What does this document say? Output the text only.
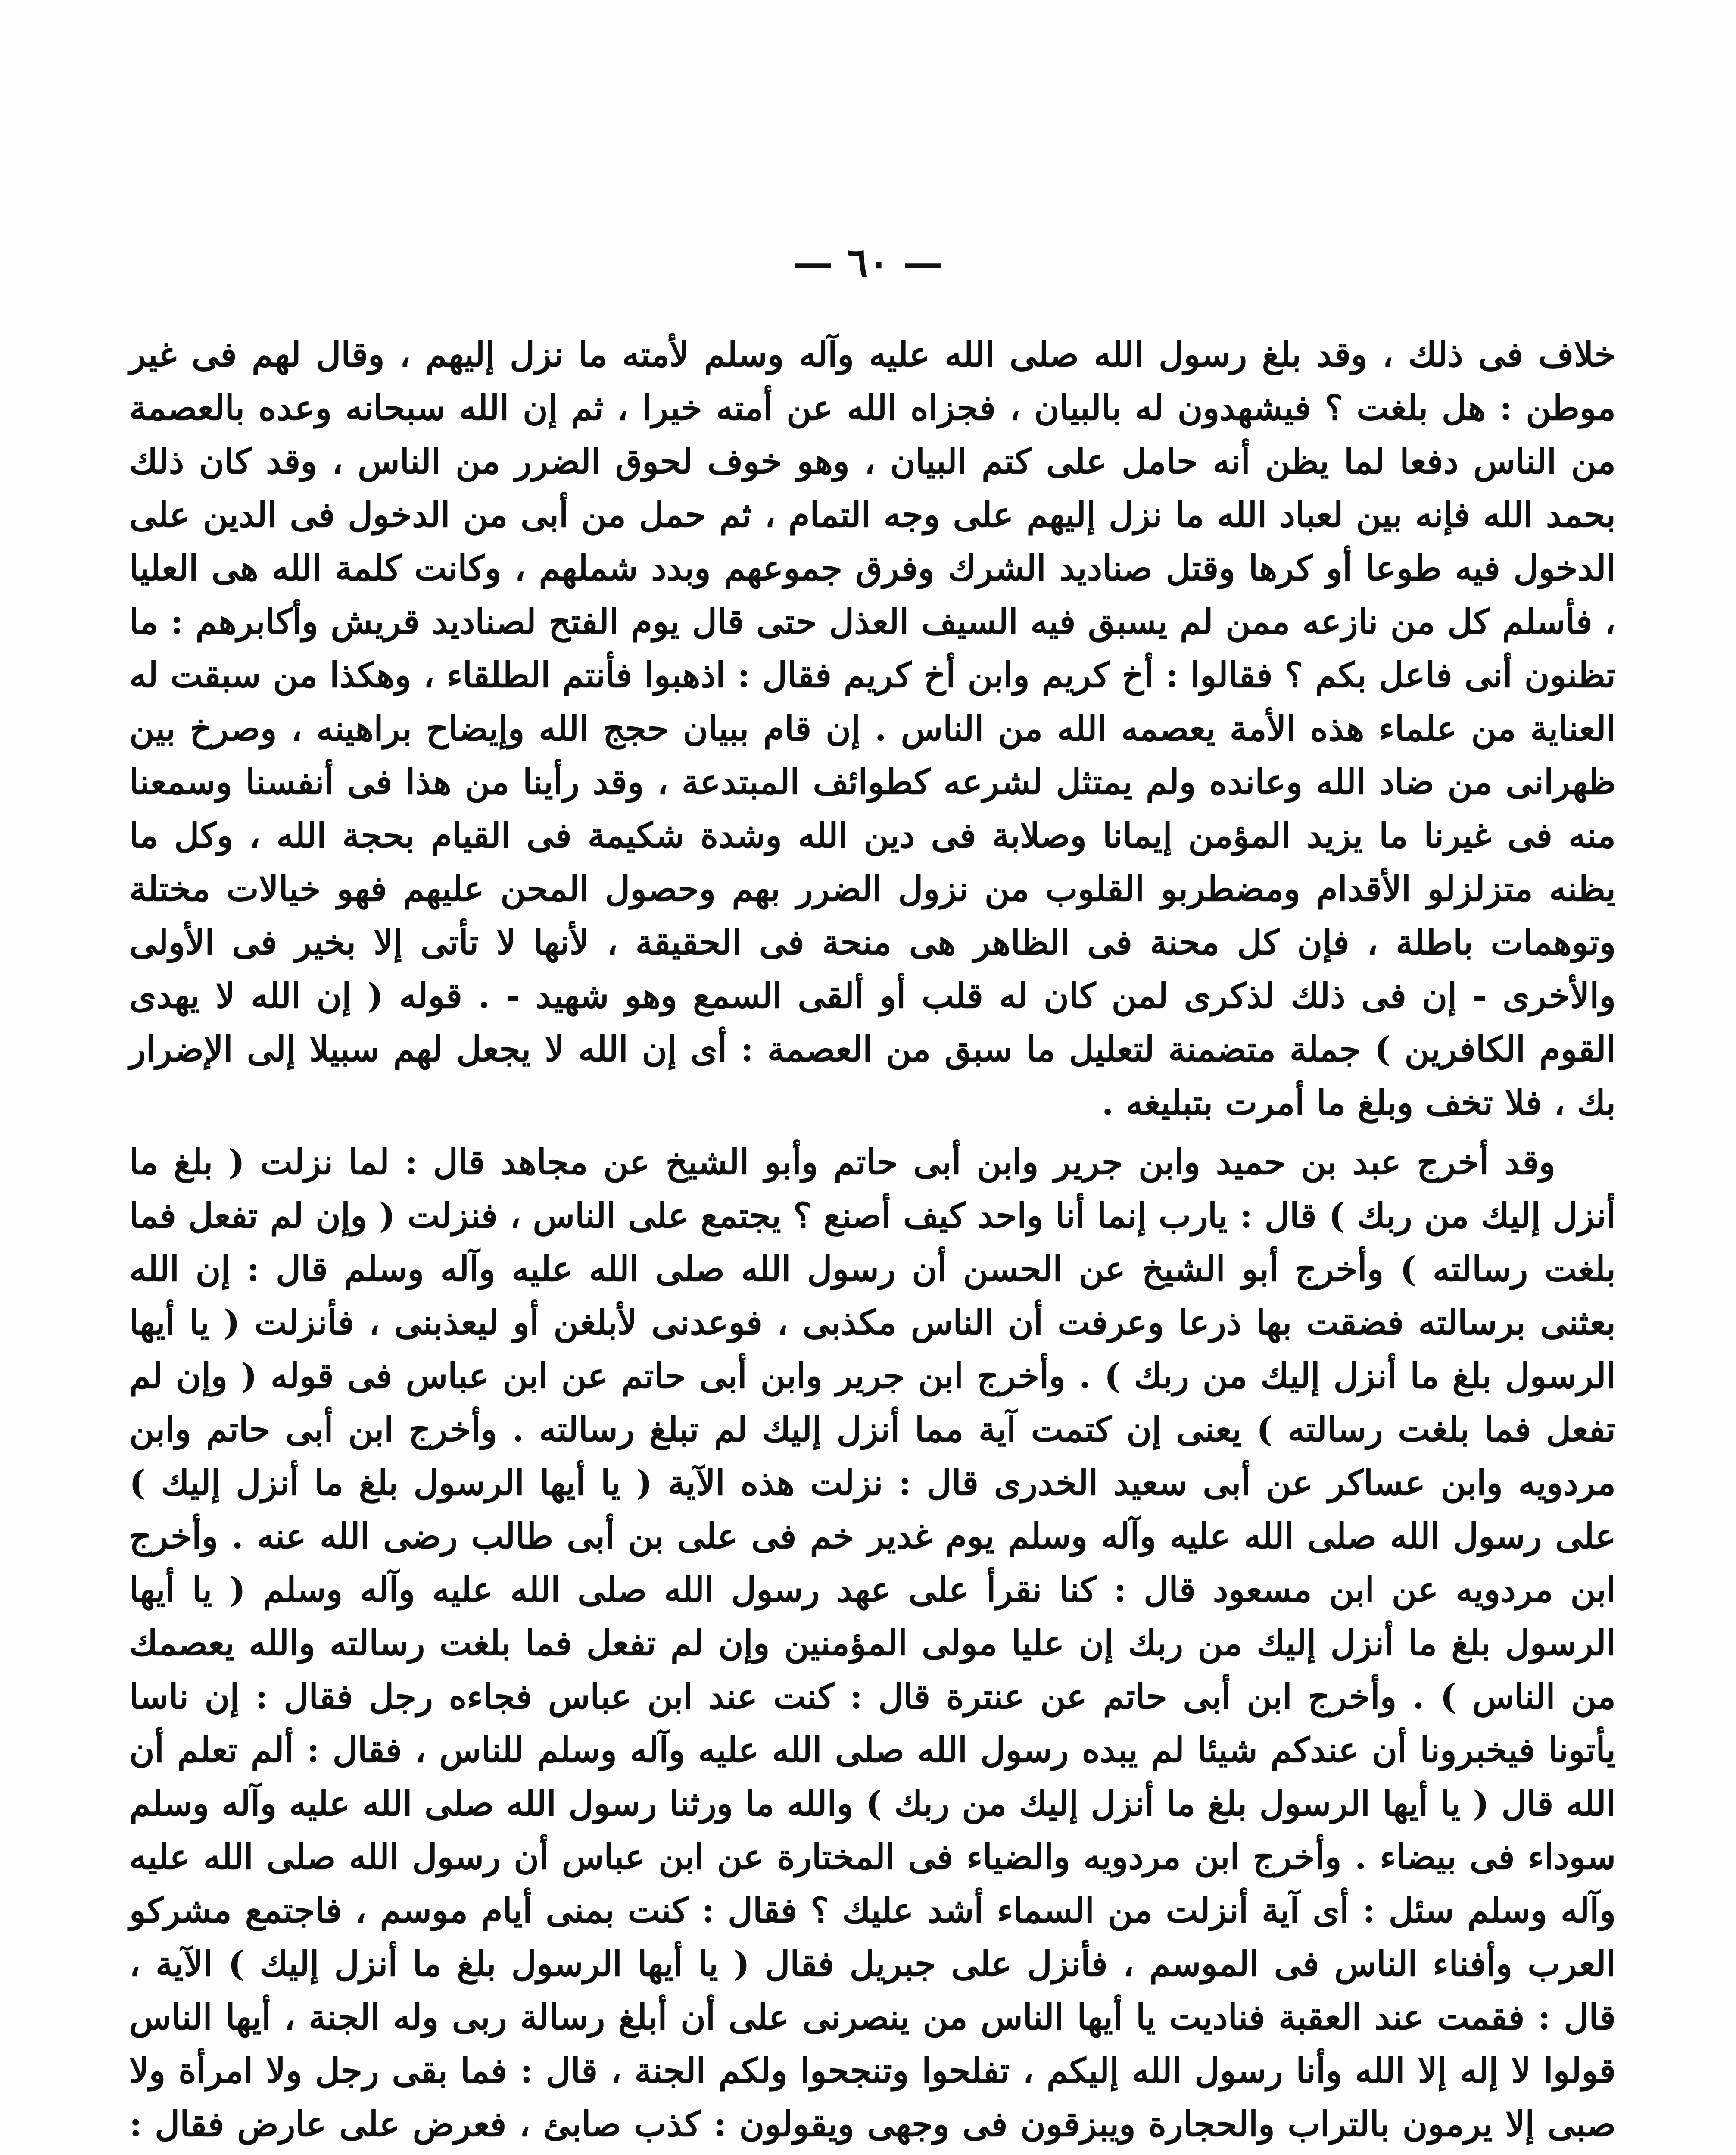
— ٦٠ —

خلاف فى ذلك ، وقد بلغ رسول الله صلى الله عليه وآله وسلم لأمته ما نزل إليهم ، وقال لهم فى غير موطن : هل بلغت ؟ فيشهدون له بالبيان ، فجزاه الله عن أمته خيرا ، ثم إن الله سبحانه وعده بالعصمة من الناس دفعا لما يظن أنه حامل على كتم البيان ، وهو خوف لحوق الضرر من الناس ، وقد كان ذلك بحمد الله فإنه بين لعباد الله ما نزل إليهم على وجه التمام ، ثم حمل من أبى من الدخول فى الدين على الدخول فيه طوعا أو كرها وقتل صناديد الشرك وفرق جموعهم وبدد شملهم ، وكانت كلمة الله هى العليا ، فأسلم كل من نازعه ممن لم يسبق فيه السيف العذل حتى قال يوم الفتح لصناديد قريش وأكابرهم : ما تظنون أنى فاعل بكم ؟ فقالوا : أخ كريم وابن أخ كريم فقال : اذهبوا فأنتم الطلقاء ، وهكذا من سبقت له العناية من علماء هذه الأمة يعصمه الله من الناس . إن قام ببيان حجج الله وإيضاح براهينه ، وصرخ بين ظهرانى من ضاد الله وعانده ولم يمتثل لشرعه كطوائف المبتدعة ، وقد رأينا من هذا فى أنفسنا وسمعنا منه فى غيرنا ما يزيد المؤمن إيمانا وصلابة فى دين الله وشدة شكيمة فى القيام بحجة الله ، وكل ما يظنه متزلزلو الأقدام ومضطربو القلوب من نزول الضرر بهم وحصول المحن عليهم فهو خيالات مختلة وتوهمات باطلة ، فإن كل محنة فى الظاهر هى منحة فى الحقيقة ، لأنها لا تأتى إلا بخير فى الأولى والأخرى - إن فى ذلك لذكرى لمن كان له قلب أو ألقى السمع وهو شهيد - . قوله ( إن الله لا يهدى القوم الكافرين ) جملة متضمنة لتعليل ما سبق من العصمة : أى إن الله لا يجعل لهم سبيلا إلى الإضرار بك ، فلا تخف وبلغ ما أمرت بتبليغه .

وقد أخرج عبد بن حميد وابن جرير وابن أبى حاتم وأبو الشيخ عن مجاهد قال : لما نزلت ( بلغ ما أنزل إليك من ربك ) قال : يارب إنما أنا واحد كيف أصنع ؟ يجتمع على الناس ، فنزلت ( وإن لم تفعل فما بلغت رسالته ) وأخرج أبو الشيخ عن الحسن أن رسول الله صلى الله عليه وآله وسلم قال : إن الله بعثنى برسالته فضقت بها ذرعا وعرفت أن الناس مكذبى ، فوعدنى لأبلغن أو ليعذبنى ، فأنزلت ( يا أيها الرسول بلغ ما أنزل إليك من ربك ) . وأخرج ابن جرير وابن أبى حاتم عن ابن عباس فى قوله ( وإن لم تفعل فما بلغت رسالته ) يعنى إن كتمت آية مما أنزل إليك لم تبلغ رسالته . وأخرج ابن أبى حاتم وابن مردويه وابن عساكر عن أبى سعيد الخدرى قال : نزلت هذه الآية ( يا أيها الرسول بلغ ما أنزل إليك ) على رسول الله صلى الله عليه وآله وسلم يوم غدير خم فى على بن أبى طالب رضى الله عنه . وأخرج ابن مردويه عن ابن مسعود قال : كنا نقرأ على عهد رسول الله صلى الله عليه وآله وسلم ( يا أيها الرسول بلغ ما أنزل إليك من ربك إن عليا مولى المؤمنين وإن لم تفعل فما بلغت رسالته والله يعصمك من الناس ) . وأخرج ابن أبى حاتم عن عنترة قال : كنت عند ابن عباس فجاءه رجل فقال : إن ناسا يأتونا فيخبرونا أن عندكم شيئا لم يبده رسول الله صلى الله عليه وآله وسلم للناس ، فقال : ألم تعلم أن الله قال ( يا أيها الرسول بلغ ما أنزل إليك من ربك ) والله ما ورثنا رسول الله صلى الله عليه وآله وسلم سوداء فى بيضاء . وأخرج ابن مردويه والضياء فى المختارة عن ابن عباس أن رسول الله صلى الله عليه وآله وسلم سئل : أى آية أنزلت من السماء أشد عليك ؟ فقال : كنت بمنى أيام موسم ، فاجتمع مشركو العرب وأفناء الناس فى الموسم ، فأنزل على جبريل فقال ( يا أيها الرسول بلغ ما أنزل إليك ) الآية ، قال : فقمت عند العقبة فناديت يا أيها الناس من ينصرنى على أن أبلغ رسالة ربى وله الجنة ، أيها الناس قولوا لا إله إلا الله وأنا رسول الله إليكم ، تفلحوا وتنجحوا ولكم الجنة ، قال : فما بقى رجل ولا امرأة ولا صبى إلا يرمون بالتراب والحجارة ويبزقون فى وجهى ويقولون : كذب صابئ ، فعرض على عارض فقال :
